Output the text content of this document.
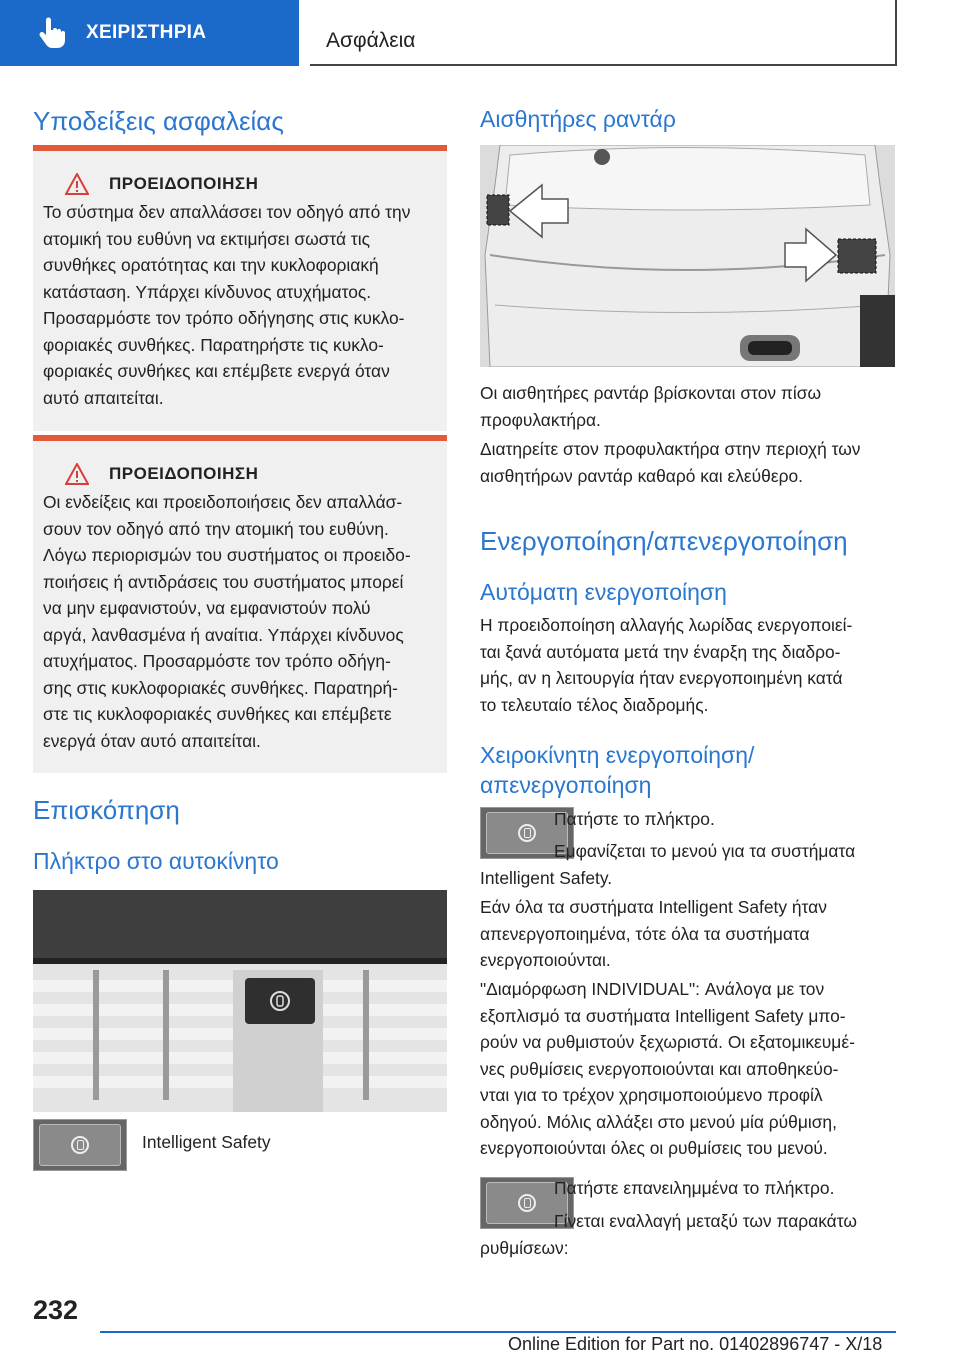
ΧΕΙΡΙΣΤΗΡΙΑ	Ασφάλεια
Υποδείξεις ασφαλείας
ΠΡΟΕΙΔΟΠΟΙΗΣΗ
Το σύστημα δεν απαλλάσσει τον οδηγό από την
ατομική του ευθύνη να εκτιμήσει σωστά τις
συνθήκες ορατότητας και την κυκλοφοριακή
κατάσταση. Υπάρχει κίνδυνος ατυχήματος.
Προσαρμόστε τον τρόπο οδήγησης στις κυκλο-
φοριακές συνθήκες. Παρατηρήστε τις κυκλο-
φοριακές συνθήκες και επέμβετε ενεργά όταν
αυτό απαιτείται.
ΠΡΟΕΙΔΟΠΟΙΗΣΗ
Οι ενδείξεις και προειδοποιήσεις δεν απαλλάσ-
σουν τον οδηγό από την ατομική του ευθύνη.
Λόγω περιορισμών του συστήματος οι προειδο-
ποιήσεις ή αντιδράσεις του συστήματος μπορεί
να μην εμφανιστούν, να εμφανιστούν πολύ
αργά, λανθασμένα ή αναίτια. Υπάρχει κίνδυνος
ατυχήματος. Προσαρμόστε τον τρόπο οδήγη-
σης στις κυκλοφοριακές συνθήκες. Παρατηρή-
στε τις κυκλοφοριακές συνθήκες και επέμβετε
ενεργά όταν αυτό απαιτείται.
Επισκόπηση
Πλήκτρο στο αυτοκίνητο
Intelligent Safety
Αισθητήρες ραντάρ
Οι αισθητήρες ραντάρ βρίσκονται στον πίσω
προφυλακτήρα.
Διατηρείτε στον προφυλακτήρα στην περιοχή των
αισθητήρων ραντάρ καθαρό και ελεύθερο.
Ενεργοποίηση/απενεργοποίηση
Αυτόματη ενεργοποίηση
Η προειδοποίηση αλλαγής λωρίδας ενεργοποιεί-
ται ξανά αυτόματα μετά την έναρξη της διαδρο-
μής, αν η λειτουργία ήταν ενεργοποιημένη κατά
το τελευταίο τέλος διαδρομής.
Χειροκίνητη ενεργοποίηση/
απενεργοποίηση
Πατήστε το πλήκτρο.
Εμφανίζεται το μενού για τα συστήματα
Intelligent Safety.
Εάν όλα τα συστήματα Intelligent Safety ήταν
απενεργοποιημένα, τότε όλα τα συστήματα
ενεργοποιούνται.
"Διαμόρφωση INDIVIDUAL": Ανάλογα με τον
εξοπλισμό τα συστήματα Intelligent Safety μπο-
ρούν να ρυθμιστούν ξεχωριστά. Οι εξατομικευμέ-
νες ρυθμίσεις ενεργοποιούνται και αποθηκεύο-
νται για το τρέχον χρησιμοποιούμενο προφίλ
οδηγού. Μόλις αλλάξει στο μενού μία ρύθμιση,
ενεργοποιούνται όλες οι ρυθμίσεις του μενού.
Πατήστε επανειλημμένα το πλήκτρο.
Γίνεται εναλλαγή μεταξύ των παρακάτω
ρυθμίσεων:
232
Online Edition for Part no. 01402896747 - X/18
